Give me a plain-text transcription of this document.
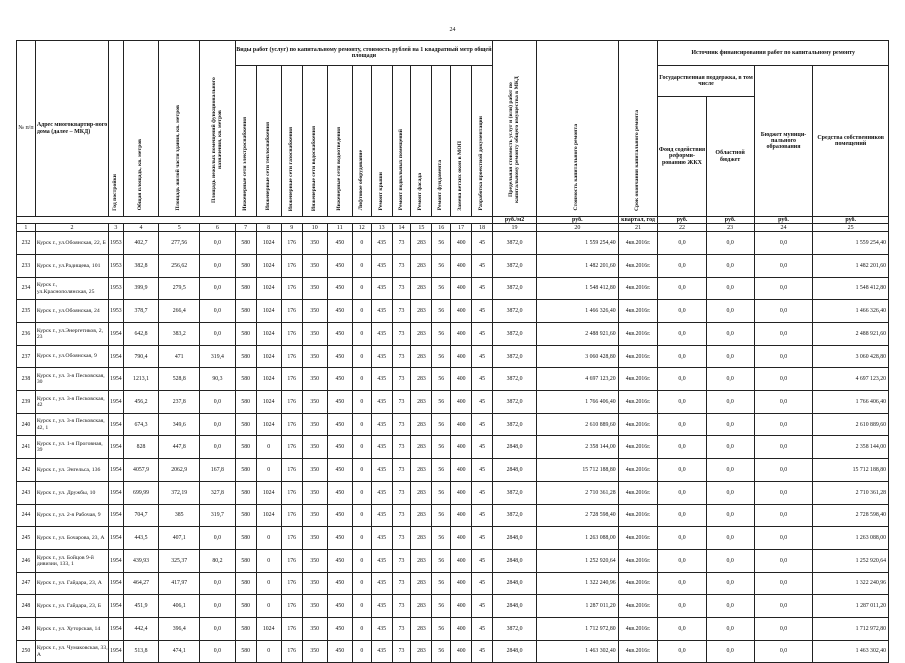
24
№ п/п	Адрес многоквартир-ного дома (далее – МКД)	Год постройки	Общая площадь, кв. метров	Площадь жилой части здания, кв. метров	Площадь нежилых помещений функционального назначения, кв. метров	Виды работ (услуг) по капитальному ремонту, стоимость рублей на 1 квадратный метр общей площади												Предельная стоимость услуг и (или) работ по капитальному ремонту общего имущества в МКД	Стоимость капитального ремонта	Срок окончания капитального ремонта	Источник финансирования работ по капитальному ремонту			
						Инженерные сети электроснабжения	Инженерные сети теплоснабжения	Инженерные сети газоснабжения	Инженерные сети водоснабжения	Инженерные сети водоотведения	Лифтовое оборудование	Ремонт крыши	Ремонт подвальных помещений	Ремонт фасада	Ремонт фундамента	Замена ветхих окон в МОП	Разработка проектной документации				Государственная поддержка, в том числе		Бюджет муници-пального образования	Средства собственников помещений
																					Фонд содействия реформи-рованию ЖКХ	Областной бюджет		
																		руб./м2	руб.	квартал, год	руб.	руб.	руб.	руб.
1	2	3	4	5	6	7	8	9	10	11	12	13	14	15	16	17	18	19	20	21	22	23	24	25
232	Курск г., ул.Обоянская, 22, Б	1953	402,7	277,56	0,0	580	1024	176	350	450	0	435	73	283	56	400	45	3872,0	1 559 254,40	4кв.2016г.	0,0	0,0	0,0	1 559 254,40
233	Курск г., ул.Радищева, 101	1953	382,8	256,62	0,0	580	1024	176	350	450	0	435	73	283	56	400	45	3872,0	1 482 201,60	4кв.2016г.	0,0	0,0	0,0	1 482 201,60
234	Курск г., ул.Краснополянская, 25	1953	399,9	279,5	0,0	580	1024	176	350	450	0	435	73	283	56	400	45	3872,0	1 548 412,80	4кв.2016г.	0,0	0,0	0,0	1 548 412,80
235	Курск г., ул.Обоянская, 24	1953	378,7	266,4	0,0	580	1024	176	350	450	0	435	73	283	56	400	45	3872,0	1 466 326,40	4кв.2016г.	0,0	0,0	0,0	1 466 326,40
236	Курск г., ул.Энергетиков, 2, 23	1954	642,8	383,2	0,0	580	1024	176	350	450	0	435	73	283	56	400	45	3872,0	2 488 921,60	4кв.2016г.	0,0	0,0	0,0	2 488 921,60
237	Курск г., ул.Обоянская, 9	1954	790,4	471	319,4	580	1024	176	350	450	0	435	73	283	56	400	45	3872,0	3 060 428,80	4кв.2016г.	0,0	0,0	0,0	3 060 428,80
238	Курск г., ул. 3-я Песковская, 30	1954	1213,1	528,8	90,3	580	1024	176	350	450	0	435	73	283	56	400	45	3872,0	4 697 123,20	4кв.2016г.	0,0	0,0	0,0	4 697 123,20
239	Курск г., ул. 3-я Песковская, 42	1954	456,2	237,8	0,0	580	1024	176	350	450	0	435	73	283	56	400	45	3872,0	1 766 406,40	4кв.2016г.	0,0	0,0	0,0	1 766 406,40
240	Курск г., ул. 3-я Песковская, 42, 1	1954	674,3	349,6	0,0	580	1024	176	350	450	0	435	73	283	56	400	45	3872,0	2 610 889,60	4кв.2016г.	0,0	0,0	0,0	2 610 889,60
241	Курск г., ул. 1-я Проговная, 39	1954	828	447,8	0,0	580	0	176	350	450	0	435	73	283	56	400	45	2848,0	2 358 144,00	4кв.2016г.	0,0	0,0	0,0	2 358 144,00
242	Курск г., ул. Энгельса, 136	1954	4057,9	2062,9	167,8	580	0	176	350	450	0	435	73	283	56	400	45	2848,0	15 712 188,80	4кв.2016г.	0,0	0,0	0,0	15 712 188,80
243	Курск г., ул. Дружбы, 10	1954	699,99	372,19	327,8	580	1024	176	350	450	0	435	73	283	56	400	45	3872,0	2 710 361,28	4кв.2016г.	0,0	0,0	0,0	2 710 361,28
244	Курск г., ул. 2-я Рабочая, 9	1954	704,7	385	319,7	580	1024	176	350	450	0	435	73	283	56	400	45	3872,0	2 728 598,40	4кв.2016г.	0,0	0,0	0,0	2 728 598,40
245	Курск г., ул. Бочарова, 23, А	1954	443,5	407,1	0,0	580	0	176	350	450	0	435	73	283	56	400	45	2848,0	1 263 088,00	4кв.2016г.	0,0	0,0	0,0	1 263 088,00
246	Курск г., ул. Бойцов 9-й дивизии, 133, 1	1954	439,93	325,37	80,2	580	0	176	350	450	0	435	73	283	56	400	45	2848,0	1 252 920,64	4кв.2016г.	0,0	0,0	0,0	1 252 920,64
247	Курск г., ул. Гайдара, 23, А	1954	464,27	417,97	0,0	580	0	176	350	450	0	435	73	283	56	400	45	2848,0	1 322 240,96	4кв.2016г.	0,0	0,0	0,0	1 322 240,96
248	Курск г., ул. Гайдара, 23, Б	1954	451,9	406,1	0,0	580	0	176	350	450	0	435	73	283	56	400	45	2848,0	1 287 011,20	4кв.2016г.	0,0	0,0	0,0	1 287 011,20
249	Курск г., ул. Хуторская, 14	1954	442,4	396,4	0,0	580	1024	176	350	450	0	435	73	283	56	400	45	3872,0	1 712 972,80	4кв.2016г.	0,0	0,0	0,0	1 712 972,80
250	Курск г., ул. Чумаковская, 33, А	1954	513,8	474,1	0,0	580	0	176	350	450	0	435	73	283	56	400	45	2848,0	1 463 302,40	4кв.2016г.	0,0	0,0	0,0	1 463 302,40
